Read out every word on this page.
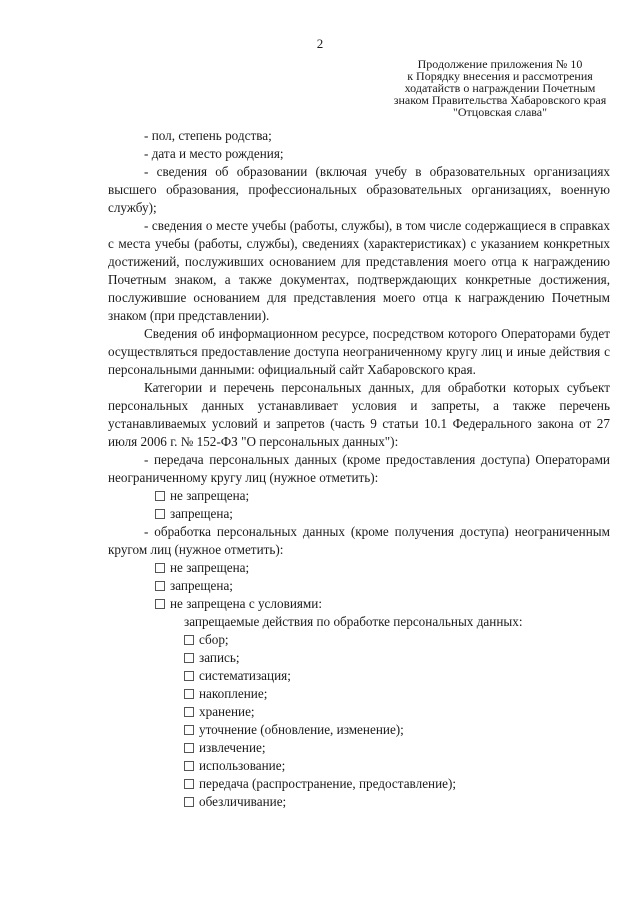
2
Продолжение приложения № 10
к Порядку внесения и рассмотрения
ходатайств о награждении Почетным
знаком Правительства Хабаровского края
"Отцовская слава"

- пол, степень родства;

- дата и место рождения;

- сведения об образовании (включая учебу в образовательных организациях высшего образования, профессиональных образовательных организациях, военную службу);

- сведения о месте учебы (работы, службы), в том числе содержащиеся в справках с места учебы (работы, службы), сведениях (характеристиках) с указанием конкретных достижений, послуживших основанием для представления моего отца к награждению Почетным знаком, а также документах, подтверждающих конкретные достижения, послужившие основанием для представления моего отца к награждению Почетным знаком (при представлении).

Сведения об информационном ресурсе, посредством которого Операторами будет осуществляться предоставление доступа неограниченному кругу лиц и иные действия с персональными данными: официальный сайт Хабаровского края.

Категории и перечень персональных данных, для обработки которых субъект персональных данных устанавливает условия и запреты, а также перечень устанавливаемых условий и запретов (часть 9 статьи 10.1 Федерального закона от 27 июля 2006 г. № 152-ФЗ "О персональных данных"):

- передача персональных данных (кроме предоставления доступа) Операторами неограниченному кругу лиц (нужное отметить):

не запрещена;
запрещена;

- обработка персональных данных (кроме получения доступа) неограниченным кругом лиц (нужное отметить):

не запрещена;
запрещена;
не запрещена с условиями:

запрещаемые действия по обработке персональных данных:

сбор;
запись;
систематизация;
накопление;
хранение;
уточнение (обновление, изменение);
извлечение;
использование;
передача (распространение, предоставление);
обезличивание;
